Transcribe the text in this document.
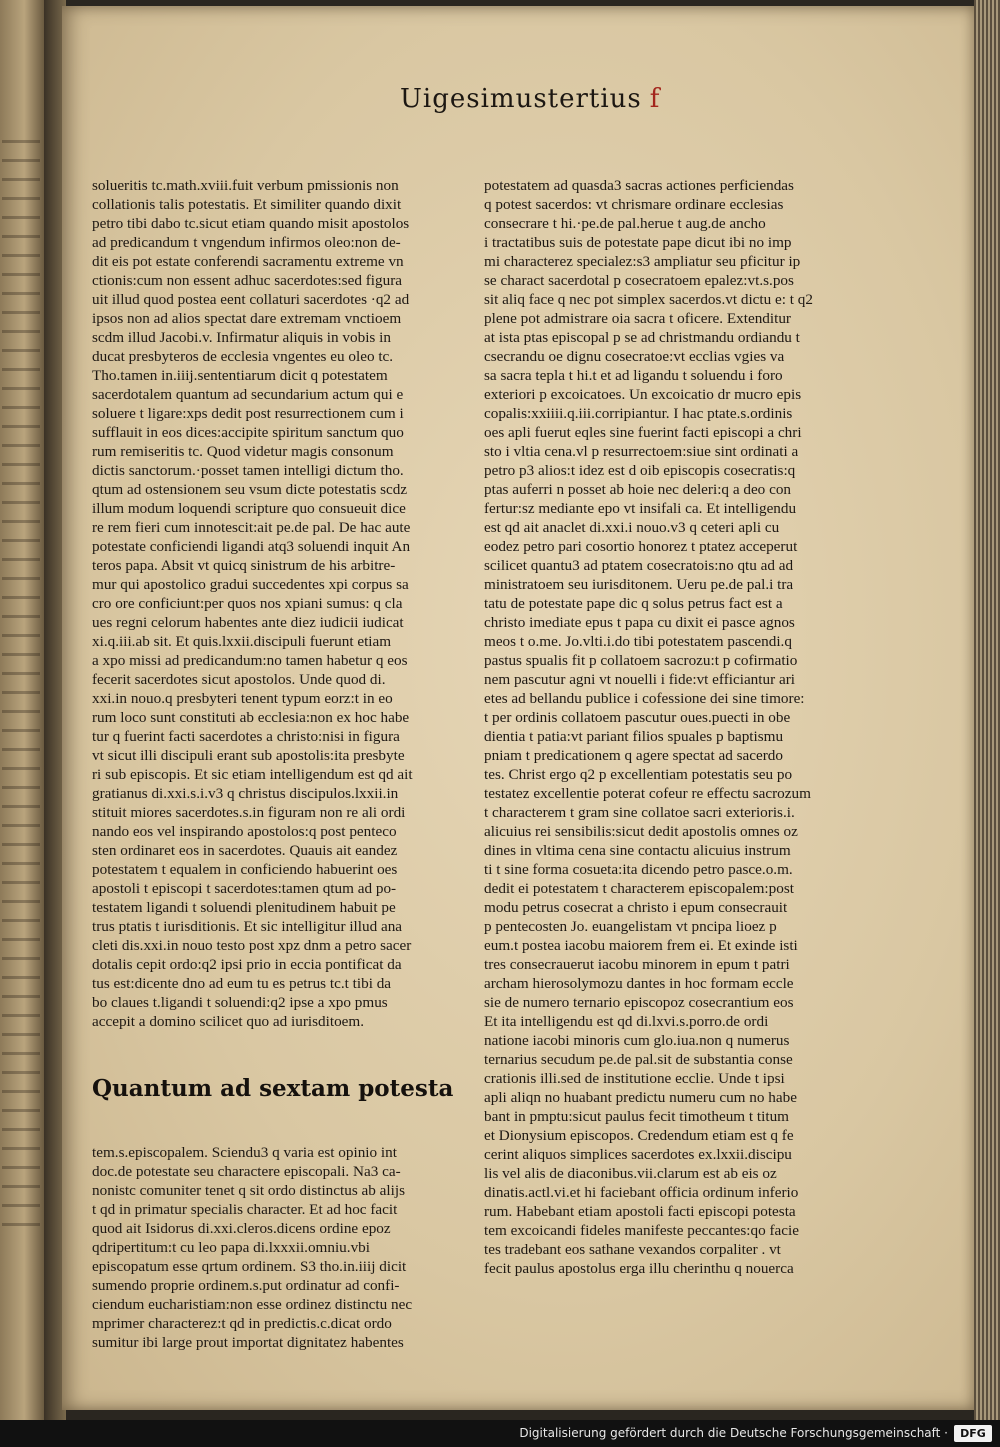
Uigesimustertius f

solueritis tc.math.xviii.fuit verbum pmissionis non
collationis talis potestatis. Et similiter quando dixit
petro tibi dabo tc.sicut etiam quando misit apostolos
ad predicandum t vngendum infirmos oleo:non de-
dit eis pot estate conferendi sacramentu extreme vn
ctionis:cum non essent adhuc sacerdotes:sed figura
uit illud quod postea eent collaturi sacerdotes ·q2 ad
ipsos non ad alios spectat dare extremam vnctioem
scdm illud Jacobi.v. Infirmatur aliquis in vobis in
ducat presbyteros de ecclesia vngentes eu oleo tc.
Tho.tamen in.iiij.sententiarum dicit q potestatem
sacerdotalem quantum ad secundarium actum qui e
soluere t ligare:xps dedit post resurrectionem cum i
sufflauit in eos dices:accipite spiritum sanctum quo
rum remiseritis tc. Quod videtur magis consonum
dictis sanctorum.·posset tamen intelligi dictum tho.
qtum ad ostensionem seu vsum dicte potestatis scdz
illum modum loquendi scripture quo consueuit dice
re rem fieri cum innotescit:ait pe.de pal. De hac aute
potestate conficiendi ligandi atq3 soluendi inquit An
teros papa. Absit vt quicq sinistrum de his arbitre-
mur qui apostolico gradui succedentes xpi corpus sa
cro ore conficiunt:per quos nos xpiani sumus: q cla
ues regni celorum habentes ante diez iudicii iudicat
xi.q.iii.ab sit. Et quis.lxxii.discipuli fuerunt etiam
a xpo missi ad predicandum:no tamen habetur q eos
fecerit sacerdotes sicut apostolos. Unde quod di.
xxi.in nouo.q presbyteri tenent typum eorz:t in eo
rum loco sunt constituti ab ecclesia:non ex hoc habe
tur q fuerint facti sacerdotes a christo:nisi in figura
vt sicut illi discipuli erant sub apostolis:ita presbyte
ri sub episcopis. Et sic etiam intelligendum est qd ait
gratianus di.xxi.s.i.v3 q christus discipulos.lxxii.in
stituit miores sacerdotes.s.in figuram non re ali ordi
nando eos vel inspirando apostolos:q post penteco
sten ordinaret eos in sacerdotes. Quauis ait eandez
potestatem t equalem in conficiendo habuerint oes
apostoli t episcopi t sacerdotes:tamen qtum ad po-
testatem ligandi t soluendi plenitudinem habuit pe
trus ptatis t iurisditionis. Et sic intelligitur illud ana
cleti dis.xxi.in nouo testo post xpz dnm a petro sacer
dotalis cepit ordo:q2 ipsi prio in eccia pontificat da
tus est:dicente dno ad eum tu es petrus tc.t tibi da
bo claues t.ligandi t soluendi:q2 ipse a xpo pmus
accepit a domino scilicet quo ad iurisditoem.

Quantum ad sextam potesta

tem.s.episcopalem. Sciendu3 q varia est opinio int
doc.de potestate seu charactere episcopali. Na3 ca-
nonistc comuniter tenet q sit ordo distinctus ab alijs
t qd in primatur specialis character. Et ad hoc facit
quod ait Isidorus di.xxi.cleros.dicens ordine epoz
qdripertitum:t cu leo papa di.lxxxii.omniu.vbi
episcopatum esse qrtum ordinem. S3 tho.in.iiij dicit
sumendo proprie ordinem.s.put ordinatur ad confi-
ciendum eucharistiam:non esse ordinez distinctu nec
mprimer characterez:t qd in predictis.c.dicat ordo
sumitur ibi large prout importat dignitatez habentes

potestatem ad quasda3 sacras actiones perficiendas
q potest sacerdos: vt chrismare ordinare ecclesias
consecrare t hi.·pe.de pal.herue t aug.de ancho
i tractatibus suis de potestate pape dicut ibi no imp
mi characterez specialez:s3 ampliatur seu pficitur ip
se charact sacerdotal p cosecratoem epalez:vt.s.pos
sit aliq face q nec pot simplex sacerdos.vt dictu e: t q2
plene pot admistrare oia sacra t oficere. Extenditur
at ista ptas episcopal p se ad christmandu ordiandu t
csecrandu oe dignu cosecratoe:vt ecclias vgies va
sa sacra tepla t hi.t et ad ligandu t soluendu i foro
exteriori p excoicatoes. Un excoicatio dr mucro epis
copalis:xxiiii.q.iii.corripiantur. I hac ptate.s.ordinis
oes apli fuerut eqles sine fuerint facti episcopi a chri
sto i vltia cena.vl p resurrectoem:siue sint ordinati a
petro p3 alios:t idez est d oib episcopis cosecratis:q
ptas auferri n posset ab hoie nec deleri:q a deo con
fertur:sz mediante epo vt insifali ca. Et intelligendu
est qd ait anaclet di.xxi.i nouo.v3 q ceteri apli cu
eodez petro pari cosortio honorez t ptatez acceperut
scilicet quantu3 ad ptatem cosecratois:no qtu ad ad
ministratoem seu iurisditonem. Ueru pe.de pal.i tra
tatu de potestate pape dic q solus petrus fact est a
christo imediate epus t papa cu dixit ei pasce agnos
meos t o.me. Jo.vlti.i.do tibi potestatem pascendi.q
pastus spualis fit p collatoem sacrozu:t p cofirmatio
nem pascutur agni vt nouelli i fide:vt efficiantur ari
etes ad bellandu publice i cofessione dei sine timore:
t per ordinis collatoem pascutur oues.puecti in obe
dientia t patia:vt pariant filios spuales p baptismu
pniam t predicationem q agere spectat ad sacerdo
tes. Christ ergo q2 p excellentiam potestatis seu po
testatez excellentie poterat cofeur re effectu sacrozum
t characterem t gram sine collatoe sacri exterioris.i.
alicuius rei sensibilis:sicut dedit apostolis omnes oz
dines in vltima cena sine contactu alicuius instrum
ti t sine forma cosueta:ita dicendo petro pasce.o.m.
dedit ei potestatem t characterem episcopalem:post
modu petrus cosecrat a christo i epum consecrauit
p pentecosten Jo. euangelistam vt pncipa lioez p
eum.t postea iacobu maiorem frem ei. Et exinde isti
tres consecrauerut iacobu minorem in epum t patri
archam hierosolymozu dantes in hoc formam eccle
sie de numero ternario episcopoz cosecrantium eos
Et ita intelligendu est qd di.lxvi.s.porro.de ordi
natione iacobi minoris cum glo.iua.non q numerus
ternarius secudum pe.de pal.sit de substantia conse
crationis illi.sed de institutione ecclie. Unde t ipsi
apli aliqn no huabant predictu numeru cum no habe
bant in pmptu:sicut paulus fecit timotheum t titum
et Dionysium episcopos. Credendum etiam est q fe
cerint aliquos simplices sacerdotes ex.lxxii.discipu
lis vel alis de diaconibus.vii.clarum est ab eis oz
dinatis.actl.vi.et hi faciebant officia ordinum inferio
rum. Habebant etiam apostoli facti episcopi potesta
tem excoicandi fideles manifeste peccantes:qo facie
tes tradebant eos sathane vexandos corpaliter . vt
fecit paulus apostolus erga illu cherinthu q nouerca

Digitalisierung gefördert durch die Deutsche Forschungsgemeinschaft ·	DFG
